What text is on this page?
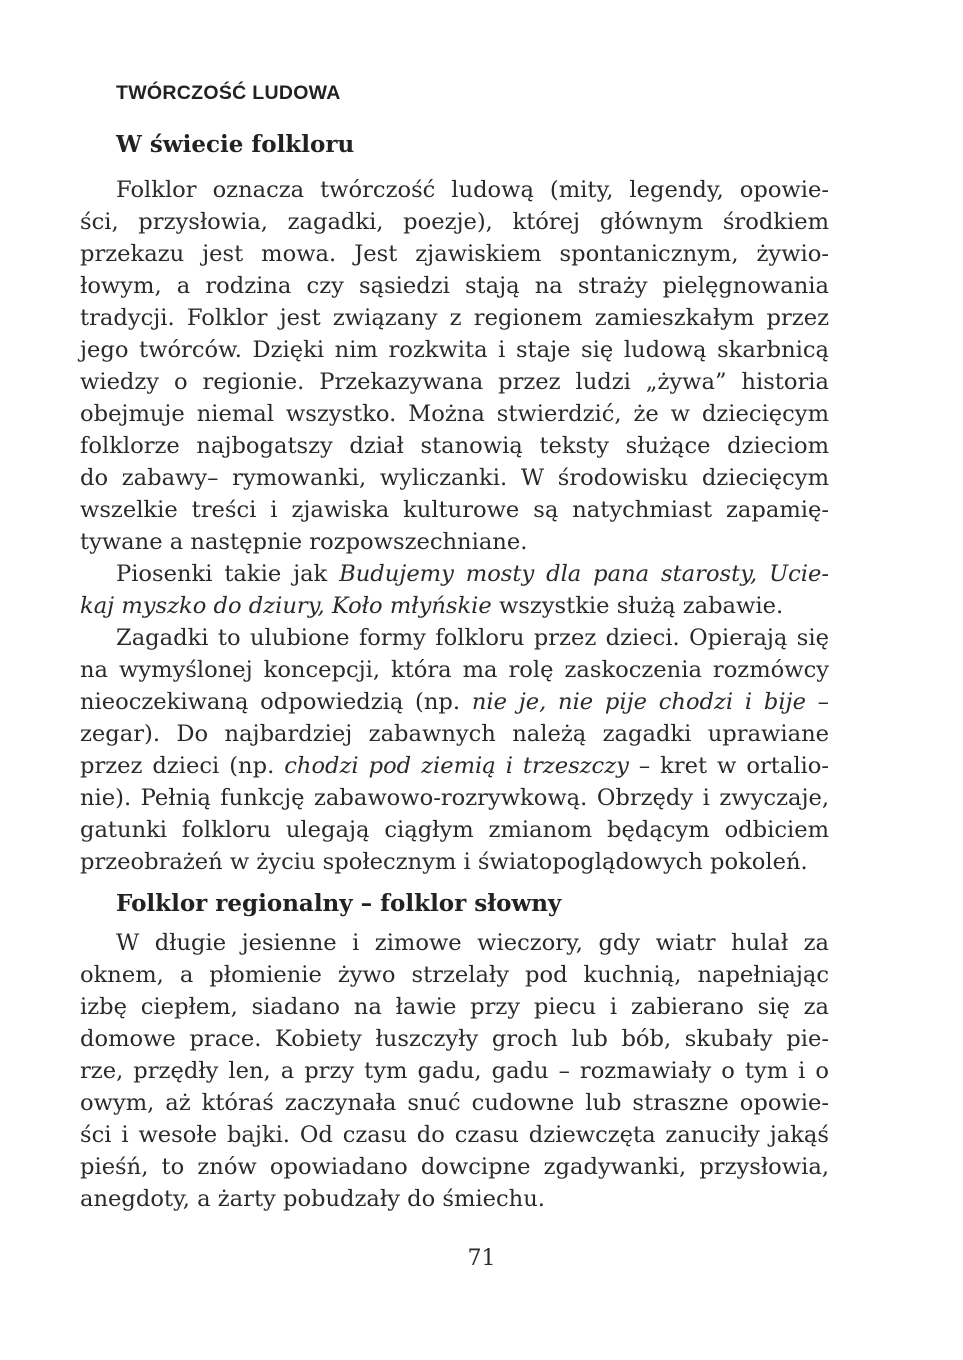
TWÓRCZOŚĆ LUDOWA
W świecie folkloru
Folklor oznacza twórczość ludową (mity, legendy, opowie-
ści, przysłowia, zagadki, poezje), której głównym środkiem
przekazu jest mowa. Jest zjawiskiem spontanicznym, żywio-
łowym, a rodzina czy sąsiedzi stają na straży pielęgnowania
tradycji. Folklor jest związany z regionem zamieszkałym przez
jego twórców. Dzięki nim rozkwita i staje się ludową skarbnicą
wiedzy o regionie. Przekazywana przez ludzi „żywa” historia
obejmuje niemal wszystko. Można stwierdzić, że w dziecięcym
folklorze najbogatszy dział stanowią teksty służące dzieciom
do zabawy– rymowanki, wyliczanki. W środowisku dziecięcym
wszelkie treści i zjawiska kulturowe są natychmiast zapamię-
tywane a następnie rozpowszechniane.
Piosenki takie jak Budujemy mosty dla pana starosty, Ucie-
kaj myszko do dziury, Koło młyńskie wszystkie służą zabawie.
Zagadki to ulubione formy folkloru przez dzieci. Opierają się
na wymyślonej koncepcji, która ma rolę zaskoczenia rozmówcy
nieoczekiwaną odpowiedzią (np. nie je, nie pije chodzi i bije –
zegar). Do najbardziej zabawnych należą zagadki uprawiane
przez dzieci (np. chodzi pod ziemią i trzeszczy – kret w ortalio-
nie). Pełnią funkcję zabawowo-rozrywkową. Obrzędy i zwyczaje,
gatunki folkloru ulegają ciągłym zmianom będącym odbiciem
przeobrażeń w życiu społecznym i światopoglądowych pokoleń.
Folklor regionalny – folklor słowny
W długie jesienne i zimowe wieczory, gdy wiatr hulał za
oknem, a płomienie żywo strzelały pod kuchnią, napełniając
izbę ciepłem, siadano na ławie przy piecu i zabierano się za
domowe prace. Kobiety łuszczyły groch lub bób, skubały pie-
rze, przędły len, a przy tym gadu, gadu – rozmawiały o tym i o
owym, aż któraś zaczynała snuć cudowne lub straszne opowie-
ści i wesołe bajki. Od czasu do czasu dziewczęta zanuciły jakąś
pieśń, to znów opowiadano dowcipne zgadywanki, przysłowia,
anegdoty, a żarty pobudzały do śmiechu.
71
